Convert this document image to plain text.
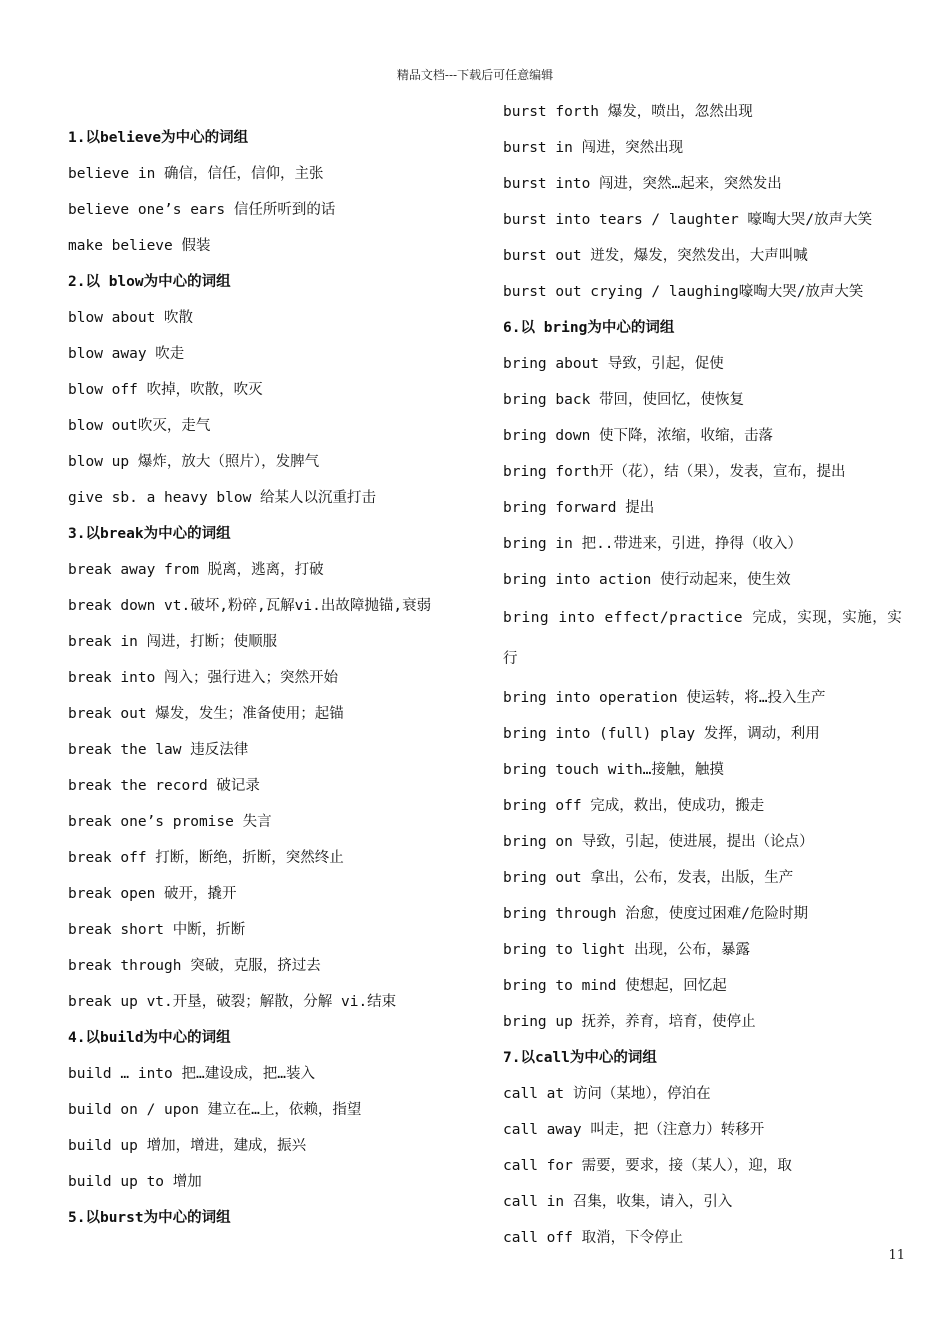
精品文档---下载后可任意编辑
1.以believe为中心的词组
believe in 确信，信任，信仰，主张
believe one’s ears 信任所听到的话
make believe 假装
2.以 blow为中心的词组
blow about 吹散
blow away 吹走
blow off 吹掉，吹散，吹灭
blow out吹灭，走气
blow up 爆炸，放大（照片），发脾气
give sb. a heavy blow 给某人以沉重打击
3.以break为中心的词组
break away from 脱离，逃离，打破
break down vt.破坏,粉碎,瓦解vi.出故障抛锚,衰弱
break in 闯进，打断；使顺服
break into 闯入；强行进入；突然开始
break out 爆发，发生；准备使用；起锚
break the law 违反法律
break the record 破记录
break one’s promise 失言
break off 打断，断绝，折断，突然终止
break open 破开，撬开
break short 中断，折断
break through 突破，克服，挤过去
break up vt.开垦，破裂；解散，分解 vi.结束
4.以build为中心的词组
build … into 把…建设成，把…装入
build on / upon 建立在…上，依赖，指望
build up 增加，增进，建成，振兴
build up to 增加
5.以burst为中心的词组
burst forth 爆发，喷出，忽然出现
burst in 闯进，突然出现
burst into 闯进，突然…起来，突然发出
burst into tears / laughter 嚎啕大哭/放声大笑
burst out 迸发，爆发，突然发出，大声叫喊
burst out crying / laughing嚎啕大哭/放声大笑
6.以 bring为中心的词组
bring about 导致，引起，促使
bring back 带回，使回忆，使恢复
bring down 使下降，浓缩，收缩，击落
bring forth开（花），结（果），发表，宣布，提出
bring forward 提出
bring in 把..带进来，引进，挣得（收入）
bring into action 使行动起来，使生效
bring into effect/practice 完成，实现，实施，实行
bring into operation 使运转，将…投入生产
bring into (full) play 发挥，调动，利用
bring touch with…接触，触摸
bring off 完成，救出，使成功，搬走
bring on 导致，引起，使进展，提出（论点）
bring out 拿出，公布，发表，出版，生产
bring through 治愈，使度过困难/危险时期
bring to light 出现，公布，暴露
bring to mind 使想起，回忆起
bring up 抚养，养育，培育，使停止
7.以call为中心的词组
call at 访问（某地），停泊在
call away 叫走，把（注意力）转移开
call for 需要，要求，接（某人），迎，取
call in 召集，收集，请入，引入
call off 取消，下令停止
11
